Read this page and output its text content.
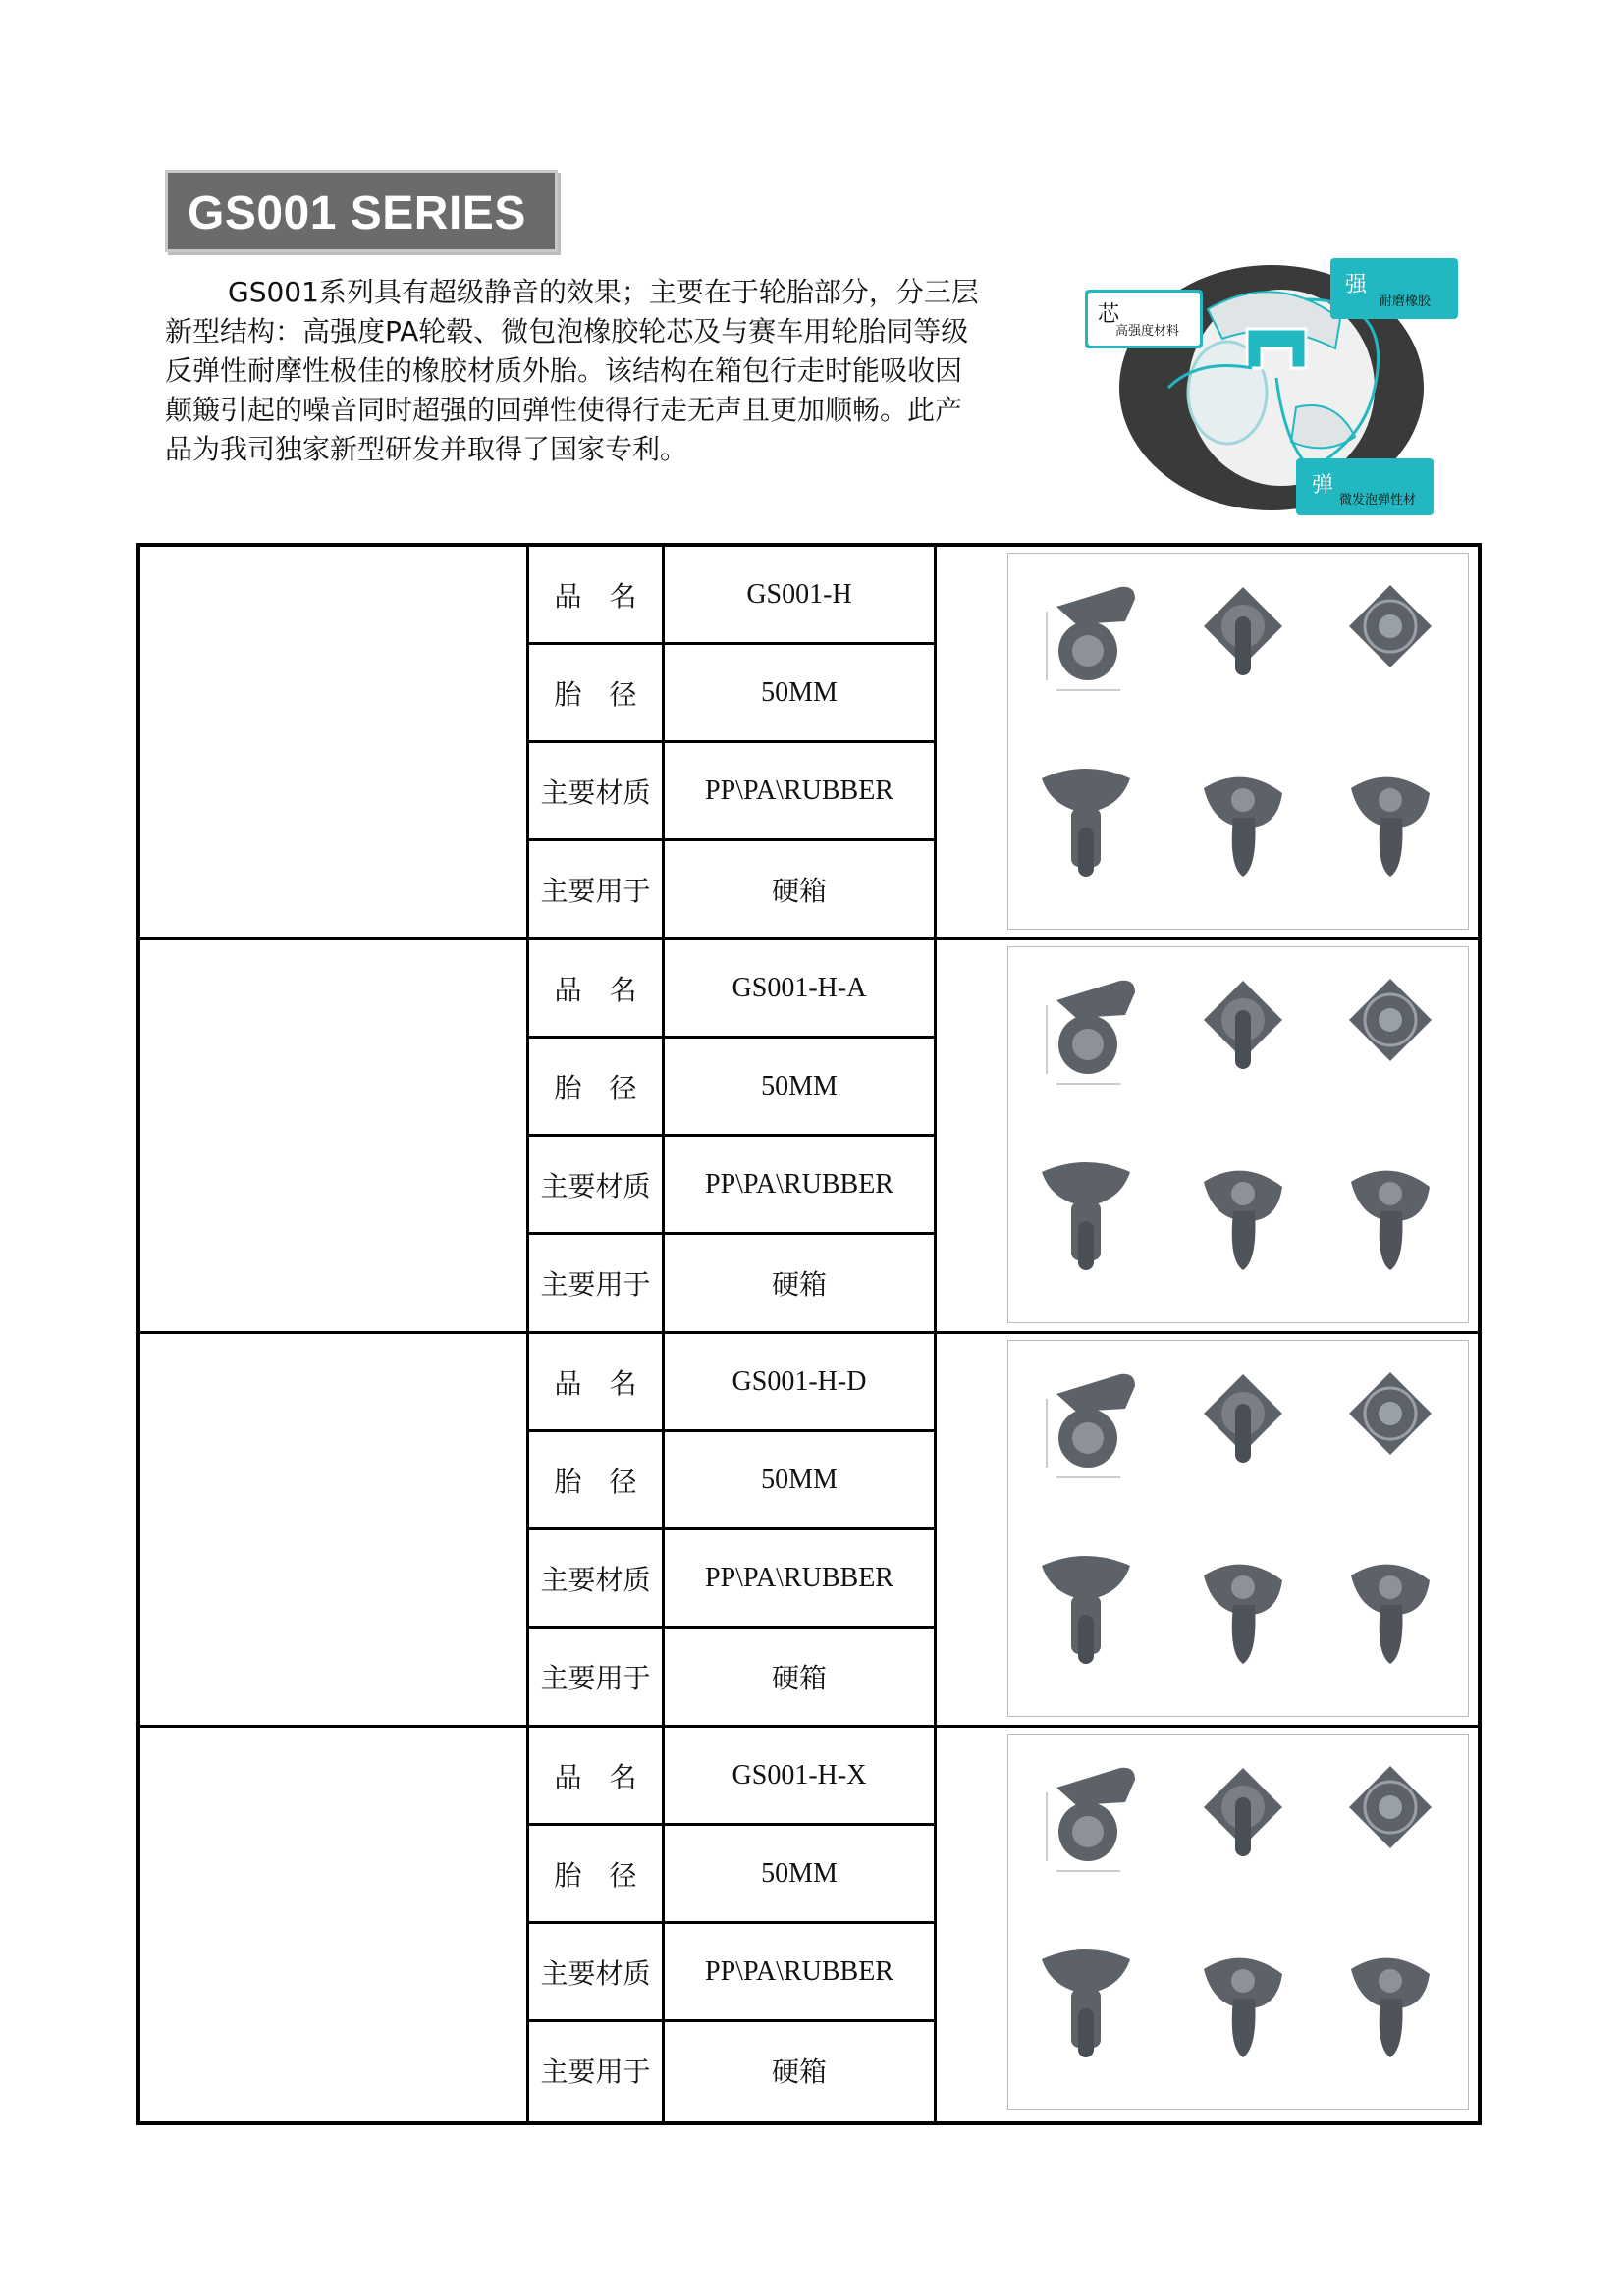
GS001 SERIES
GS001系列具有超级静音的效果；主要在于轮胎部分，分三层
新型结构：高强度PA轮毂、微包泡橡胶轮芯及与赛车用轮胎同等级
反弹性耐摩性极佳的橡胶材质外胎。该结构在箱包行走时能吸收因
颠簸引起的噪音同时超强的回弹性使得行走无声且更加顺畅。此产
品为我司独家新型研发并取得了国家专利。
芯
高强度材料
强
耐磨橡胶
弹
微发泡弹性材
品　名	GS001-H
胎　径	50MM
主要材质	PP\PA\RUBBER
主要用于	硬箱
品　名	GS001-H-A
胎　径	50MM
主要材质	PP\PA\RUBBER
主要用于	硬箱
品　名	GS001-H-D
胎　径	50MM
主要材质	PP\PA\RUBBER
主要用于	硬箱
品　名	GS001-H-X
胎　径	50MM
主要材质	PP\PA\RUBBER
主要用于	硬箱
